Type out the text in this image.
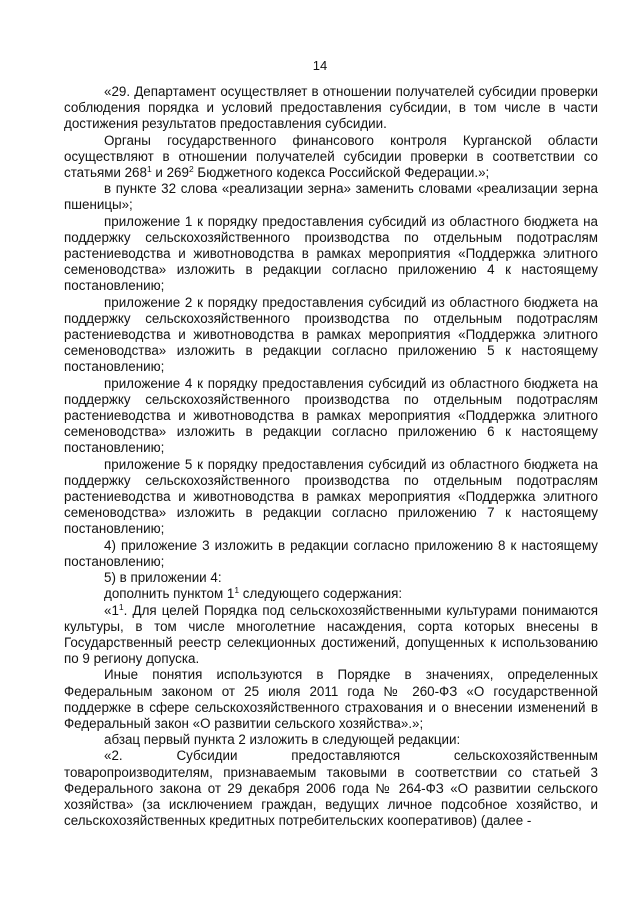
14

«29. Департамент осуществляет в отношении получателей субсидии проверки соблюдения порядка и условий предоставления субсидии, в том числе в части достижения результатов предоставления субсидии.

Органы государственного финансового контроля Курганской области осуществляют в отношении получателей субсидии проверки в соответствии со статьями $268^1$ и $269^2$ Бюджетного кодекса Российской Федерации.»;

в пункте 32 слова «реализации зерна» заменить словами «реализации зерна пшеницы»;

приложение 1 к порядку предоставления субсидий из областного бюджета на поддержку сельскохозяйственного производства по отдельным подотраслям растениеводства и животноводства в рамках мероприятия «Поддержка элитного семеноводства» изложить в редакции согласно приложению 4 к настоящему постановлению;

приложение 2 к порядку предоставления субсидий из областного бюджета на поддержку сельскохозяйственного производства по отдельным подотраслям растениеводства и животноводства в рамках мероприятия «Поддержка элитного семеноводства» изложить в редакции согласно приложению 5 к настоящему постановлению;

приложение 4 к порядку предоставления субсидий из областного бюджета на поддержку сельскохозяйственного производства по отдельным подотраслям растениеводства и животноводства в рамках мероприятия «Поддержка элитного семеноводства» изложить в редакции согласно приложению 6 к настоящему постановлению;

приложение 5 к порядку предоставления субсидий из областного бюджета на поддержку сельскохозяйственного производства по отдельным подотраслям растениеводства и животноводства в рамках мероприятия «Поддержка элитного семеноводства» изложить в редакции согласно приложению 7 к настоящему постановлению;

4) приложение 3 изложить в редакции согласно приложению 8 к настоящему постановлению;

5) в приложении 4:

дополнить пунктом $1^1$ следующего содержания:

«$1^1$. Для целей Порядка под сельскохозяйственными культурами понимаются культуры, в том числе многолетние насаждения, сорта которых внесены в Государственный реестр селекционных достижений, допущенных к использованию по 9 региону допуска.

Иные понятия используются в Порядке в значениях, определенных Федеральным законом от 25 июля 2011 года № 260-ФЗ «О государственной поддержке в сфере сельскохозяйственного страхования и о внесении изменений в Федеральный закон «О развитии сельского хозяйства».»;

абзац первый пункта 2 изложить в следующей редакции:

«2. Субсидии предоставляются сельскохозяйственным товаропроизводителям, признаваемым таковыми в соответствии со статьей 3 Федерального закона от 29 декабря 2006 года № 264-ФЗ «О развитии сельского хозяйства» (за исключением граждан, ведущих личное подсобное хозяйство, и сельскохозяйственных кредитных потребительских кооперативов) (далее -
